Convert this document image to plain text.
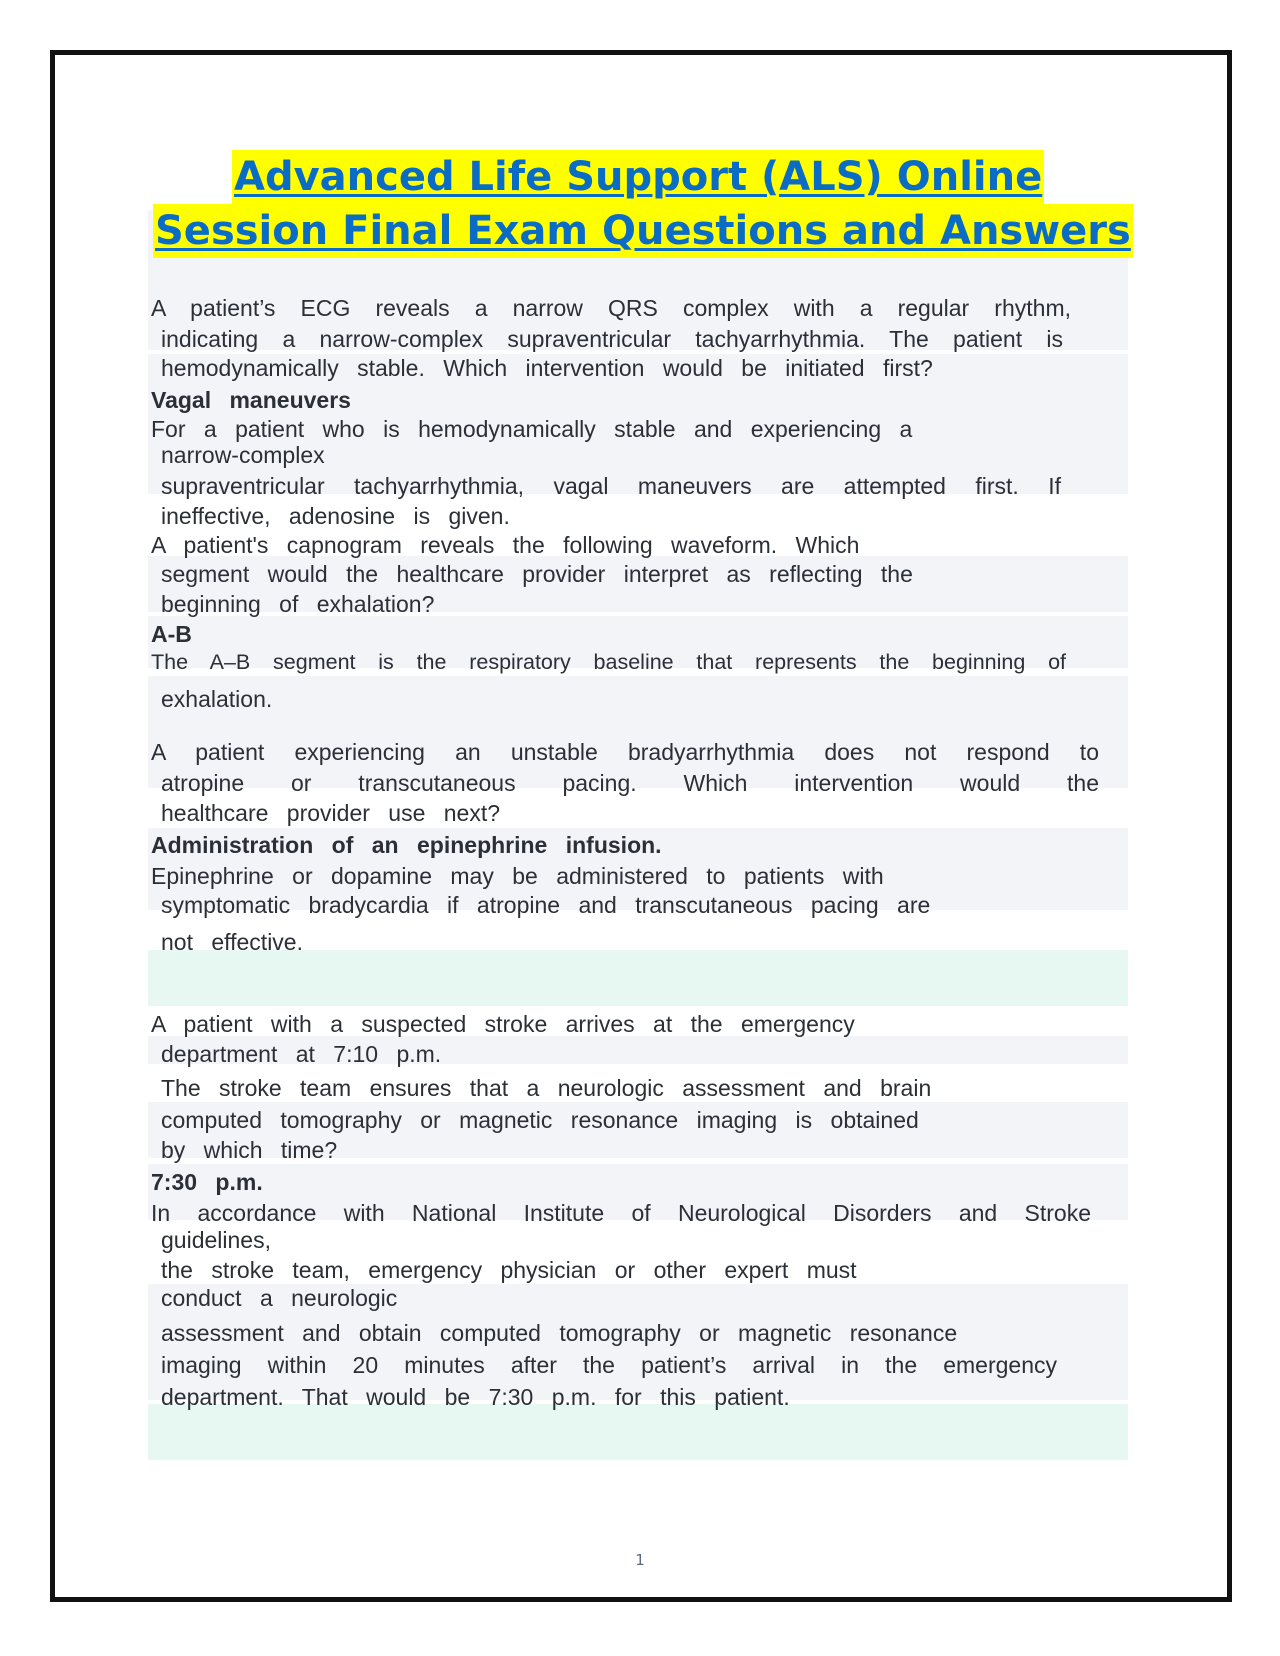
Advanced Life Support (ALS) Online
Session Final Exam Questions and Answers
A patient’s ECG reveals a narrow QRS complex with a regular rhythm,
indicating a narrow-complex supraventricular tachyarrhythmia. The patient is
hemodynamically stable. Which intervention would be initiated first?
Vagal maneuvers
For a patient who is hemodynamically stable and experiencing a
narrow-complex
supraventricular tachyarrhythmia, vagal maneuvers are attempted first. If
ineffective, adenosine is given.
A patient's capnogram reveals the following waveform. Which
segment would the healthcare provider interpret as reflecting the
beginning of exhalation?
A-B
The A–B segment is the respiratory baseline that represents the beginning of
exhalation.
A patient experiencing an unstable bradyarrhythmia does not respond to
atropine or transcutaneous pacing. Which intervention would the
healthcare provider use next?
Administration of an epinephrine infusion.
Epinephrine or dopamine may be administered to patients with
symptomatic bradycardia if atropine and transcutaneous pacing are
not effective.
A patient with a suspected stroke arrives at the emergency
department at 7:10 p.m.
The stroke team ensures that a neurologic assessment and brain
computed tomography or magnetic resonance imaging is obtained
by which time?
7:30 p.m.
In accordance with National Institute of Neurological Disorders and Stroke
guidelines,
the stroke team, emergency physician or other expert must
conduct a neurologic
assessment and obtain computed tomography or magnetic resonance
imaging within 20 minutes after the patient’s arrival in the emergency
department. That would be 7:30 p.m. for this patient.
1
